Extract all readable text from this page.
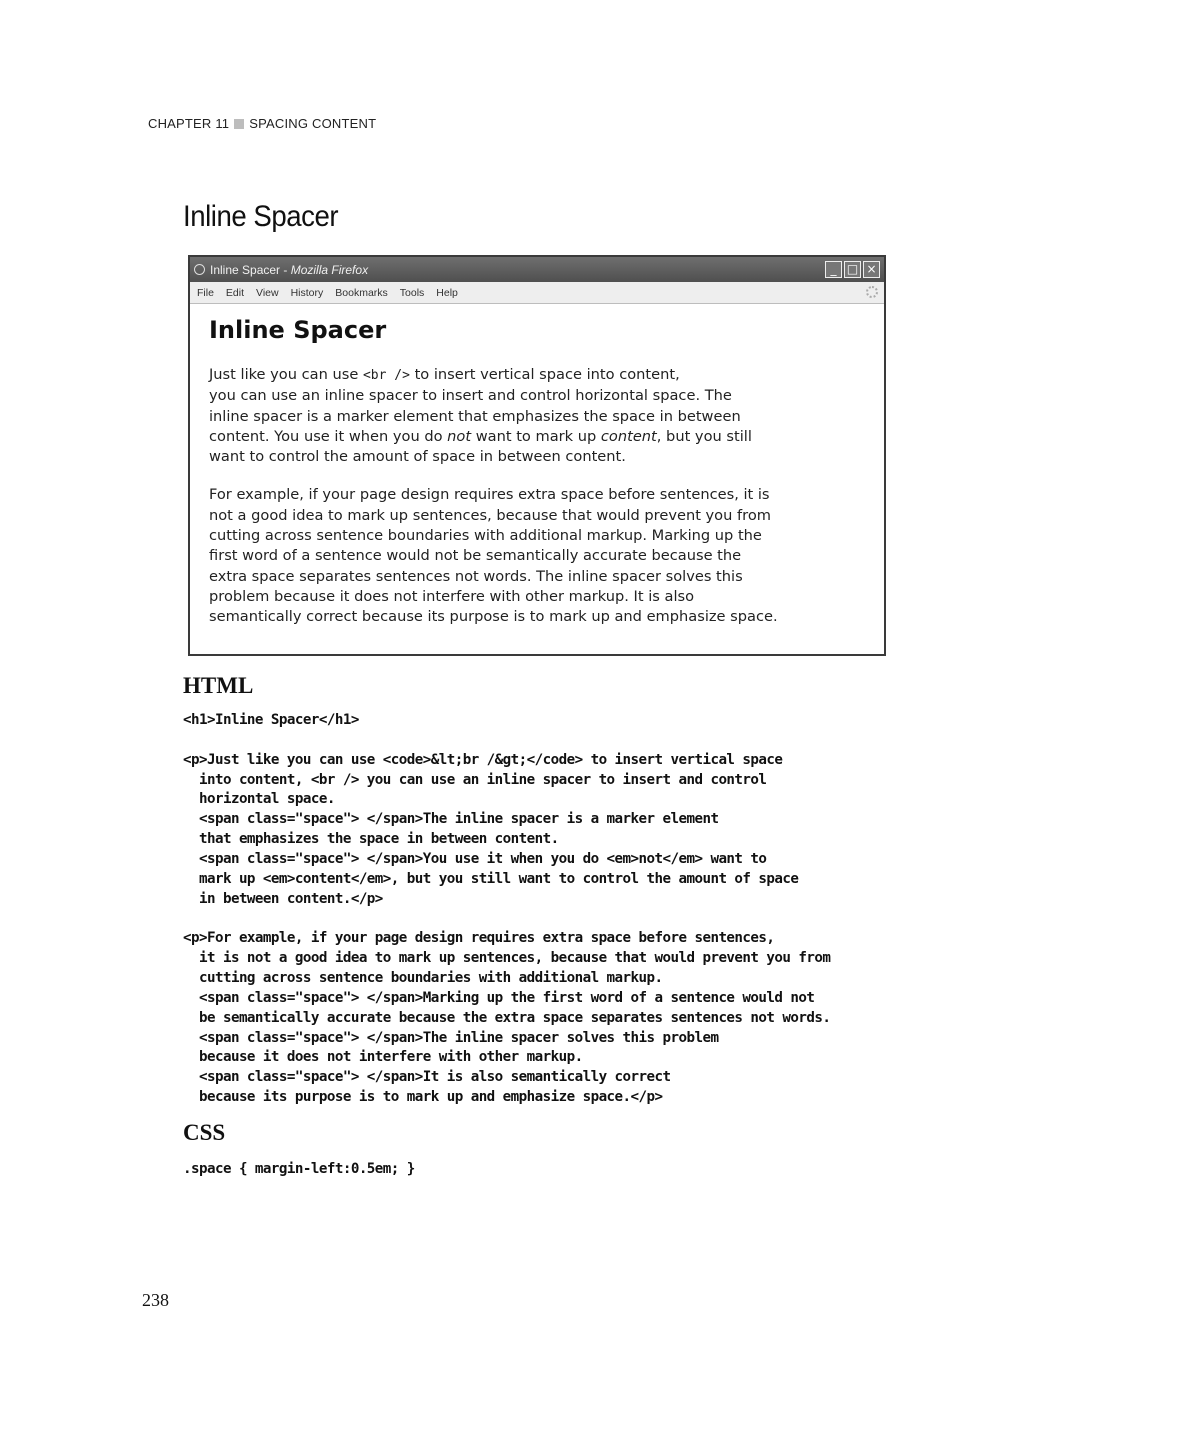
CHAPTER 11 SPACING CONTENT
Inline Spacer
Inline Spacer - Mozilla Firefox	_ □ ×
File Edit View History Bookmarks Tools Help
Inline Spacer

Just like you can use <br /> to insert vertical space into content,
you can use an inline spacer to insert and control horizontal space. The
inline spacer is a marker element that emphasizes the space in between
content. You use it when you do not want to mark up content, but you still
want to control the amount of space in between content.

For example, if your page design requires extra space before sentences, it is
not a good idea to mark up sentences, because that would prevent you from
cutting across sentence boundaries with additional markup. Marking up the
first word of a sentence would not be semantically accurate because the
extra space separates sentences not words. The inline spacer solves this
problem because it does not interfere with other markup. It is also
semantically correct because its purpose is to mark up and emphasize space.

HTML
<h1>Inline Spacer</h1>

<p>Just like you can use <code>&lt;br /&gt;</code> to insert vertical space
into content, <br /> you can use an inline spacer to insert and control
horizontal space.
<span class="space"> </span>The inline spacer is a marker element
that emphasizes the space in between content.
<span class="space"> </span>You use it when you do <em>not</em> want to
mark up <em>content</em>, but you still want to control the amount of space
in between content.</p>

<p>For example, if your page design requires extra space before sentences,
it is not a good idea to mark up sentences, because that would prevent you from
cutting across sentence boundaries with additional markup.
<span class="space"> </span>Marking up the first word of a sentence would not
be semantically accurate because the extra space separates sentences not words.
<span class="space"> </span>The inline spacer solves this problem
because it does not interfere with other markup.
<span class="space"> </span>It is also semantically correct
because its purpose is to mark up and emphasize space.</p>
CSS
.space { margin-left:0.5em; }
238
